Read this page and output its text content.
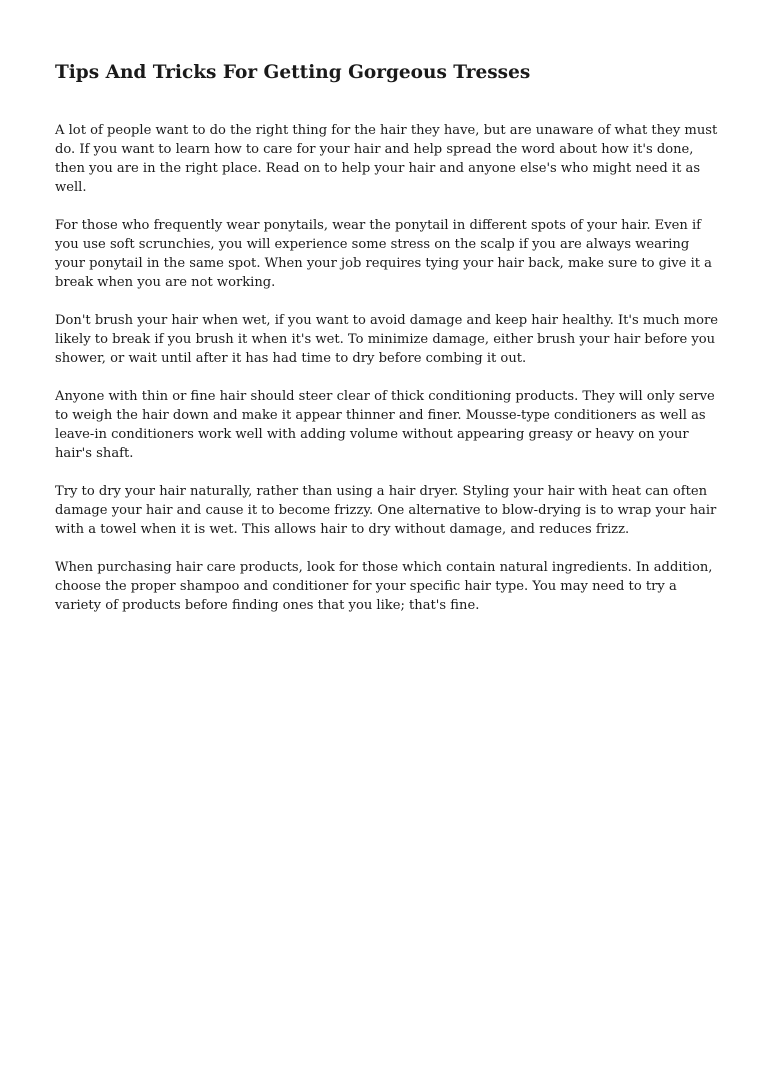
Tips And Tricks For Getting Gorgeous Tresses

A lot of people want to do the right thing for the hair they have, but are unaware of what they must do. If you want to learn how to care for your hair and help spread the word about how it's done, then you are in the right place. Read on to help your hair and anyone else's who might need it as well.

For those who frequently wear ponytails, wear the ponytail in different spots of your hair. Even if you use soft scrunchies, you will experience some stress on the scalp if you are always wearing your ponytail in the same spot. When your job requires tying your hair back, make sure to give it a break when you are not working.

Don't brush your hair when wet, if you want to avoid damage and keep hair healthy. It's much more likely to break if you brush it when it's wet. To minimize damage, either brush your hair before you shower, or wait until after it has had time to dry before combing it out.

Anyone with thin or fine hair should steer clear of thick conditioning products. They will only serve to weigh the hair down and make it appear thinner and finer. Mousse-type conditioners as well as leave-in conditioners work well with adding volume without appearing greasy or heavy on your hair's shaft.

Try to dry your hair naturally, rather than using a hair dryer. Styling your hair with heat can often damage your hair and cause it to become frizzy. One alternative to blow-drying is to wrap your hair with a towel when it is wet. This allows hair to dry without damage, and reduces frizz.

When purchasing hair care products, look for those which contain natural ingredients. In addition, choose the proper shampoo and conditioner for your specific hair type. You may need to try a variety of products before finding ones that you like; that's fine.
